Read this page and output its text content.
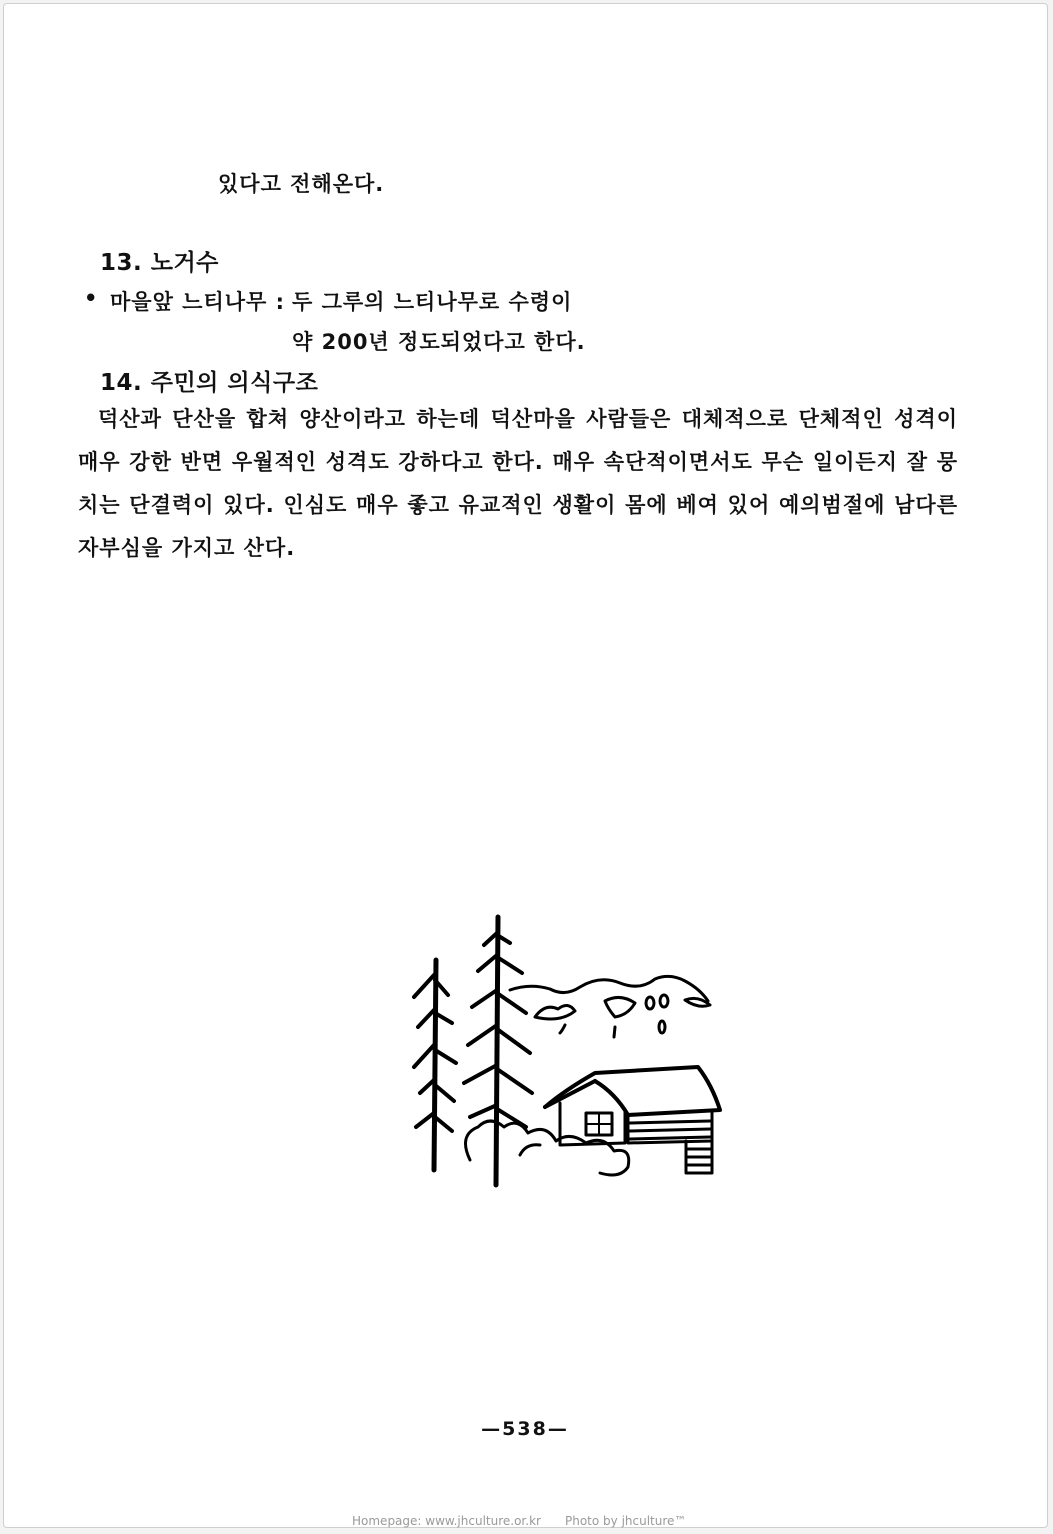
있다고 전해온다.
13. 노거수
• 마을앞 느티나무 : 두 그루의 느티나무로 수령이
약 200년 정도되었다고 한다.
14. 주민의 의식구조
덕산과 단산을 합쳐 양산이라고 하는데 덕산마을 사람들은 대체적으로 단체적인 성격이 매우 강한 반면 우월적인 성격도 강하다고 한다. 매우 속단적이면서도 무슨 일이든지 잘 뭉치는 단결력이 있다. 인심도 매우 좋고 유교적인 생활이 몸에 베여 있어 예의범절에 남다른 자부심을 가지고 산다.
—538—
Homepage: www.jhculture.or.kr Photo by jhculture™
